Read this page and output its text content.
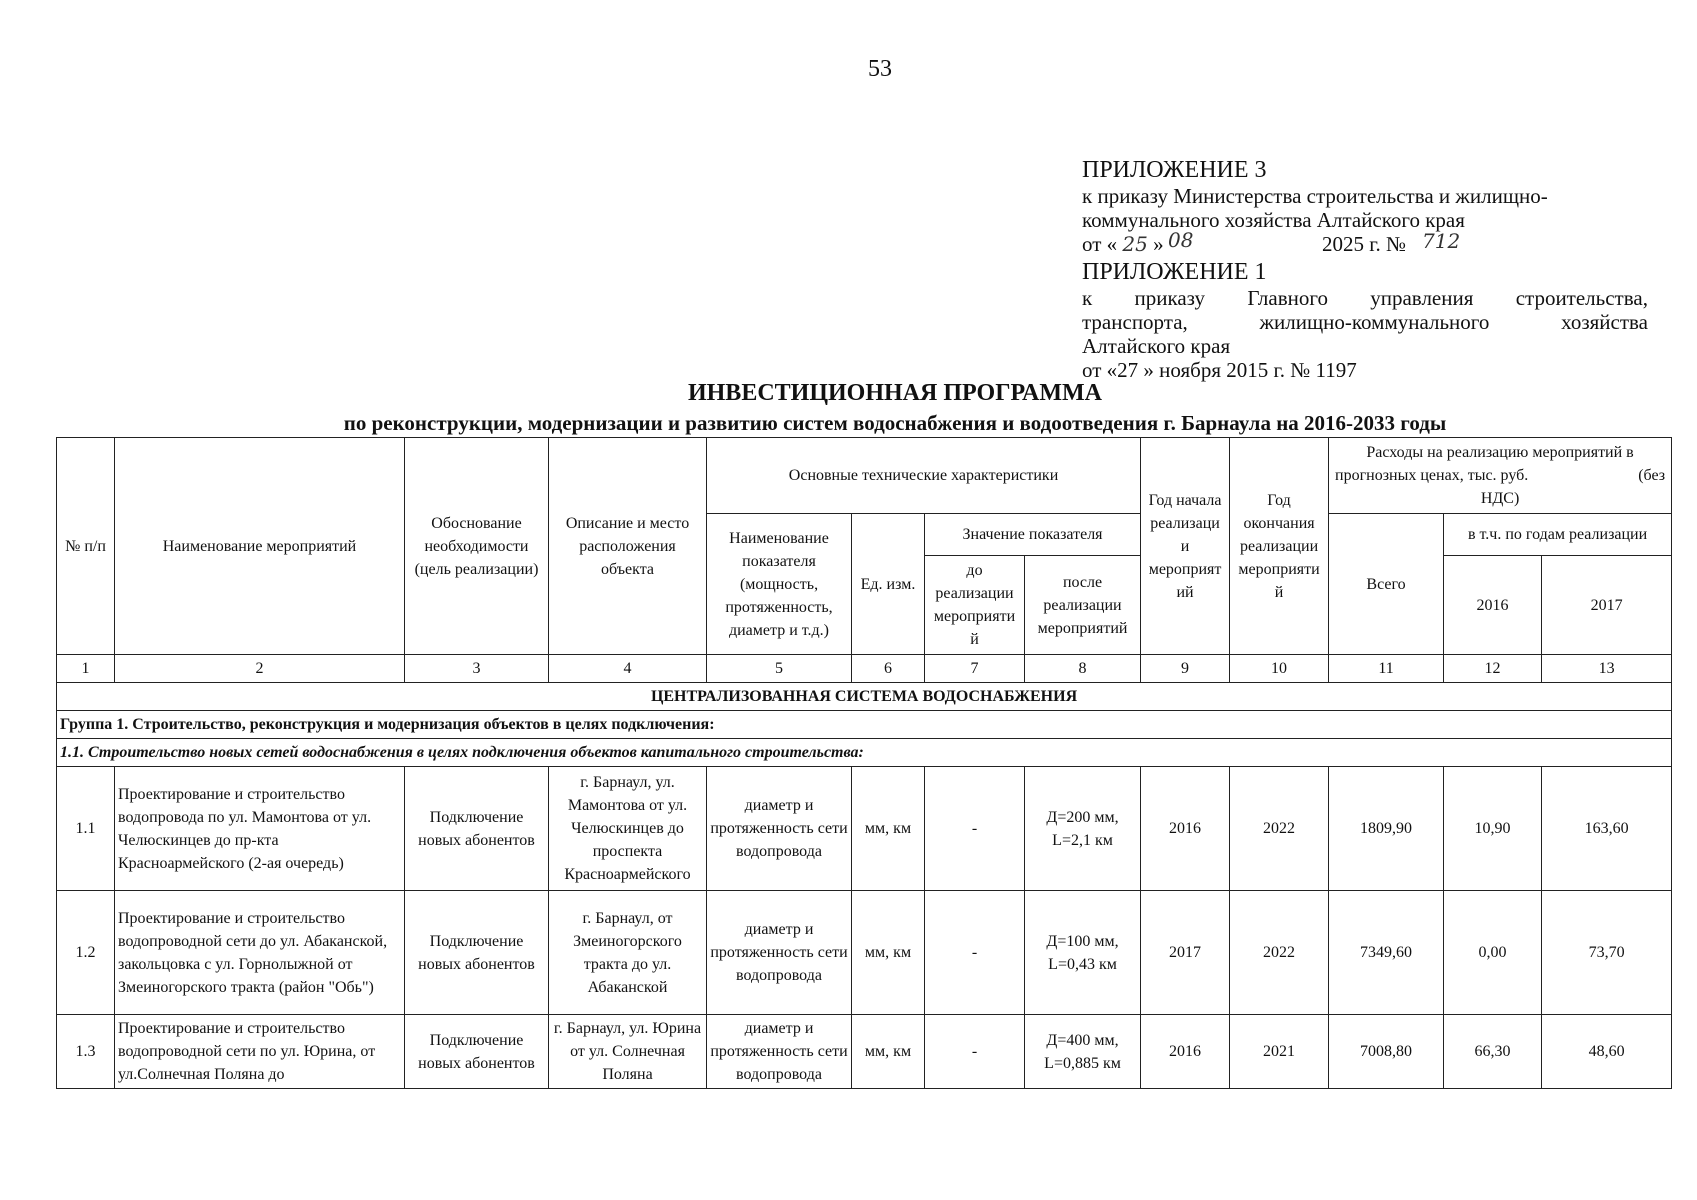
53
ПРИЛОЖЕНИЕ 3
к приказу Министерства строительства и жилищно-
коммунального хозяйства Алтайского края
от « 25 » 08	2025 г. № 712
ПРИЛОЖЕНИЕ 1
к приказу Главного управления строительства,
транспорта,	жилищно-коммунального	хозяйства
Алтайского края
от «27 » ноября 2015 г. № 1197
ИНВЕСТИЦИОННАЯ ПРОГРАММА
по реконструкции, модернизации и развитию систем водоснабжения и водоотведения г. Барнаула на 2016-2033 годы
№ п/п	Наименование мероприятий	Обоснование необходимости (цель реализации)	Описание и место расположения объекта	Основные технические характеристики				Год начала реализаци и мероприят ий	Год окончания реализации мероприяти й	Расходы на реализацию мероприятий в
прогнозных ценах, тыс. руб. (без
НДС)		

				Наименование показателя (мощность, протяженность, диаметр и т.д.)	Ед. изм.	Значение показателя				Всего	в т.ч. по годам реализации	
						до реализации мероприяти й	после реализации мероприятий				2016	2017
1	2	3	4	5	6	7	8	9	10	11	12	13
ЦЕНТРАЛИЗОВАННАЯ СИСТЕМА ВОДОСНАБЖЕНИЯ												
Группа 1. Строительство, реконструкция и модернизация объектов в целях подключения:												
1.1. Строительство новых сетей водоснабжения в целях подключения объектов капитального строительства:												
1.1	Проектирование и строительство водопровода по ул. Мамонтова от ул. Челюскинцев до пр-кта Красноармейского (2-ая очередь)	Подключение новых абонентов	г. Барнаул, ул. Мамонтова от ул. Челюскинцев до проспекта Красноармейского	диаметр и протяженность сети водопровода	мм, км	-	Д=200 мм, L=2,1 км	2016	2022	1809,90	10,90	163,60
1.2	Проектирование и строительство водопроводной сети до ул. Абаканской, закольцовка с ул. Горнолыжной от Змеиногорского тракта (район "Обь")	Подключение новых абонентов	г. Барнаул, от Змеиногорского тракта до ул. Абаканской	диаметр и протяженность сети водопровода	мм, км	-	Д=100 мм, L=0,43 км	2017	2022	7349,60	0,00	73,70
1.3	Проектирование и строительство водопроводной сети по ул. Юрина, от ул.Солнечная Поляна до	Подключение новых абонентов	г. Барнаул, ул. Юрина от ул. Солнечная Поляна	диаметр и протяженность сети водопровода	мм, км	-	Д=400 мм, L=0,885 км	2016	2021	7008,80	66,30	48,60
